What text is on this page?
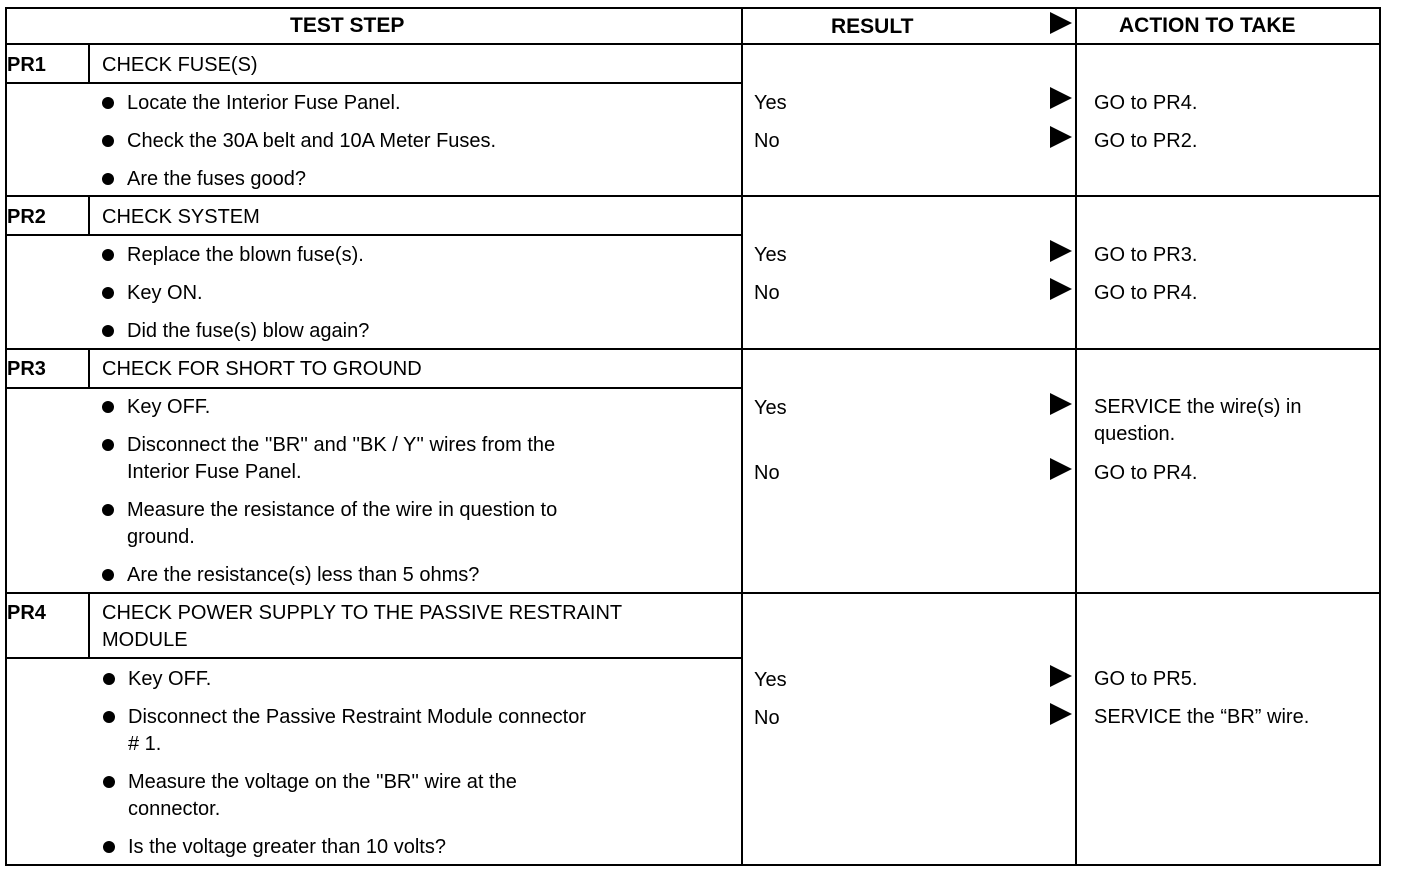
TEST STEP	RESULT	ACTION TO TAKE
PR1	CHECK FUSE(S)
Locate the Interior Fuse Panel.
Check the 30A belt and 10A Meter Fuses.
Are the fuses good?
Yes	GO to PR4.
No	GO to PR2.
PR2	CHECK SYSTEM
Replace the blown fuse(s).
Key ON.
Did the fuse(s) blow again?
Yes	GO to PR3.
No	GO to PR4.
PR3	CHECK FOR SHORT TO GROUND
Key OFF.
Disconnect the ''BR'' and ''BK / Y'' wires from the
Interior Fuse Panel.
Measure the resistance of the wire in question to
ground.
Are the resistance(s) less than 5 ohms?
Yes	SERVICE the wire(s) in
question.
No	GO to PR4.
PR4	CHECK POWER SUPPLY TO THE PASSIVE RESTRAINT
MODULE
Key OFF.
Disconnect the Passive Restraint Module connector
# 1.
Measure the voltage on the ''BR'' wire at the
connector.
Is the voltage greater than 10 volts?
Yes	GO to PR5.
No	SERVICE the “BR” wire.
